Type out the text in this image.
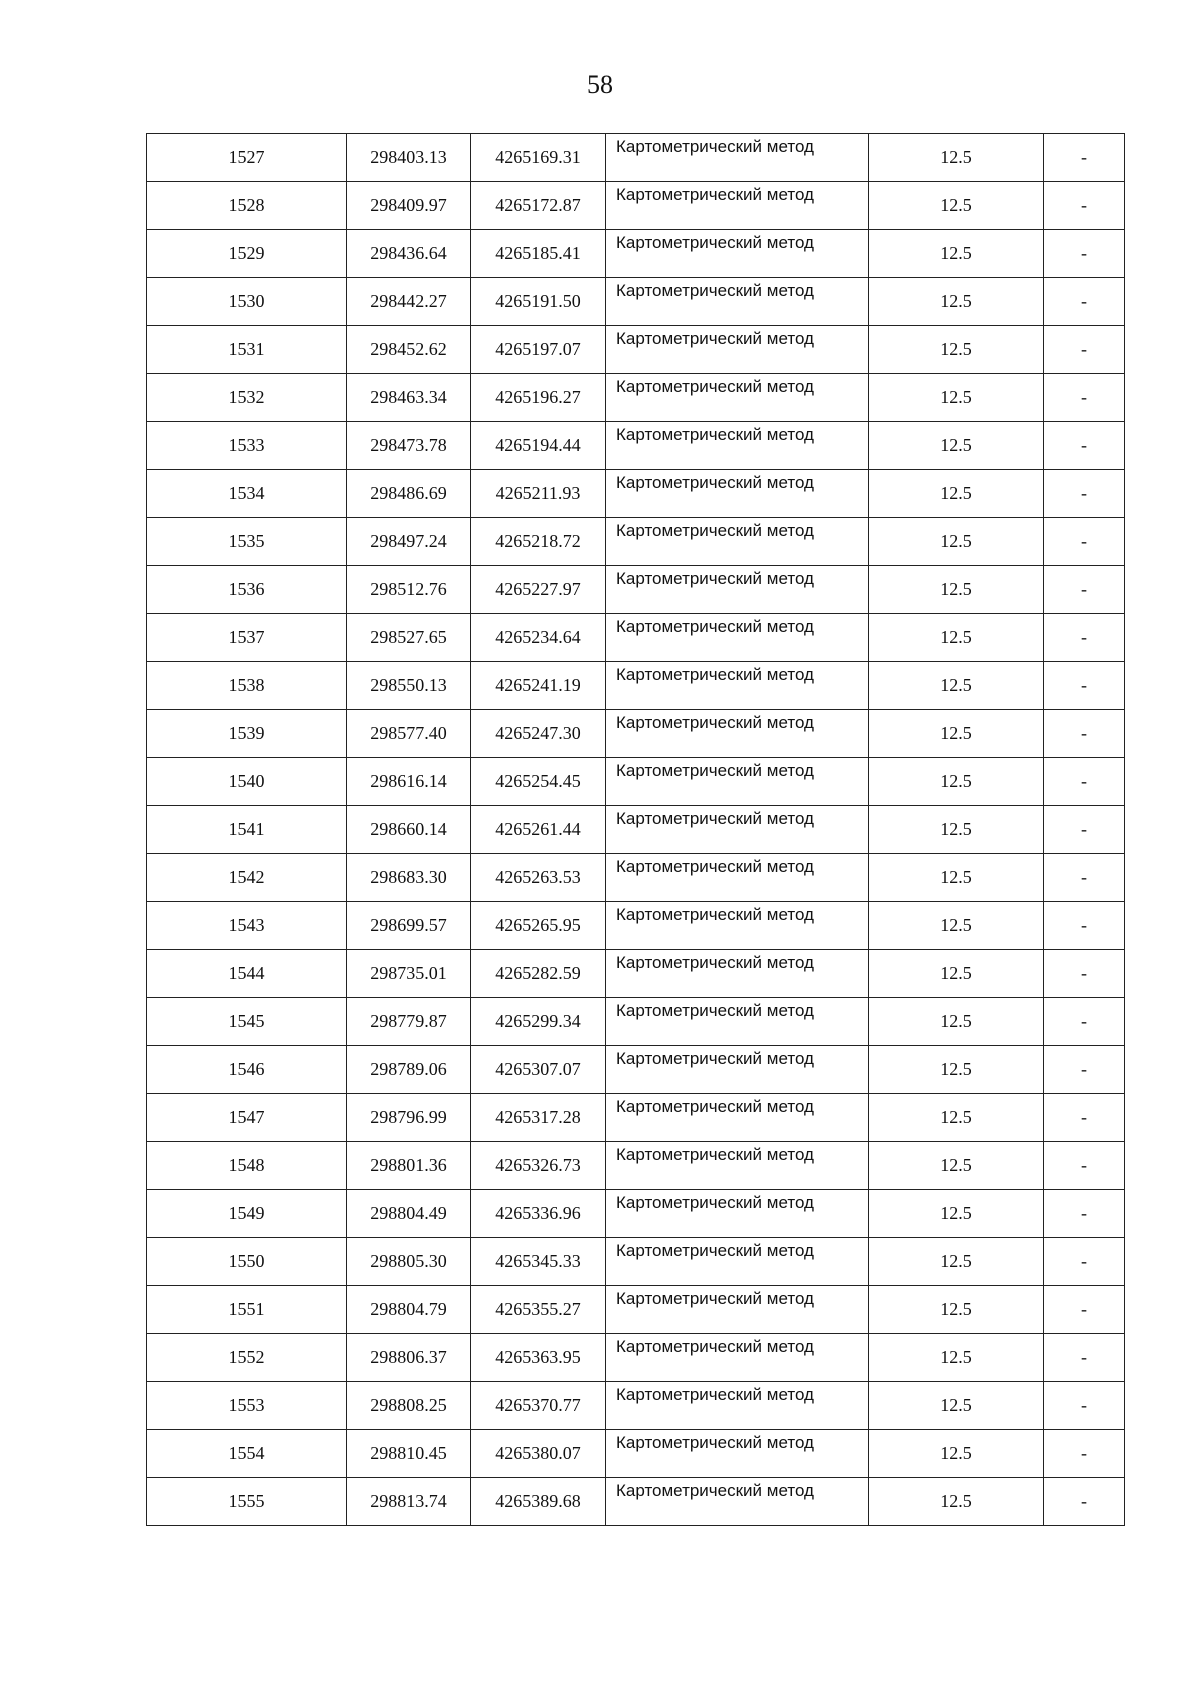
58
1527	298403.13	4265169.31	Картометрический метод	12.5	-
1528	298409.97	4265172.87	Картометрический метод	12.5	-
1529	298436.64	4265185.41	Картометрический метод	12.5	-
1530	298442.27	4265191.50	Картометрический метод	12.5	-
1531	298452.62	4265197.07	Картометрический метод	12.5	-
1532	298463.34	4265196.27	Картометрический метод	12.5	-
1533	298473.78	4265194.44	Картометрический метод	12.5	-
1534	298486.69	4265211.93	Картометрический метод	12.5	-
1535	298497.24	4265218.72	Картометрический метод	12.5	-
1536	298512.76	4265227.97	Картометрический метод	12.5	-
1537	298527.65	4265234.64	Картометрический метод	12.5	-
1538	298550.13	4265241.19	Картометрический метод	12.5	-
1539	298577.40	4265247.30	Картометрический метод	12.5	-
1540	298616.14	4265254.45	Картометрический метод	12.5	-
1541	298660.14	4265261.44	Картометрический метод	12.5	-
1542	298683.30	4265263.53	Картометрический метод	12.5	-
1543	298699.57	4265265.95	Картометрический метод	12.5	-
1544	298735.01	4265282.59	Картометрический метод	12.5	-
1545	298779.87	4265299.34	Картометрический метод	12.5	-
1546	298789.06	4265307.07	Картометрический метод	12.5	-
1547	298796.99	4265317.28	Картометрический метод	12.5	-
1548	298801.36	4265326.73	Картометрический метод	12.5	-
1549	298804.49	4265336.96	Картометрический метод	12.5	-
1550	298805.30	4265345.33	Картометрический метод	12.5	-
1551	298804.79	4265355.27	Картометрический метод	12.5	-
1552	298806.37	4265363.95	Картометрический метод	12.5	-
1553	298808.25	4265370.77	Картометрический метод	12.5	-
1554	298810.45	4265380.07	Картометрический метод	12.5	-
1555	298813.74	4265389.68	Картометрический метод	12.5	-
